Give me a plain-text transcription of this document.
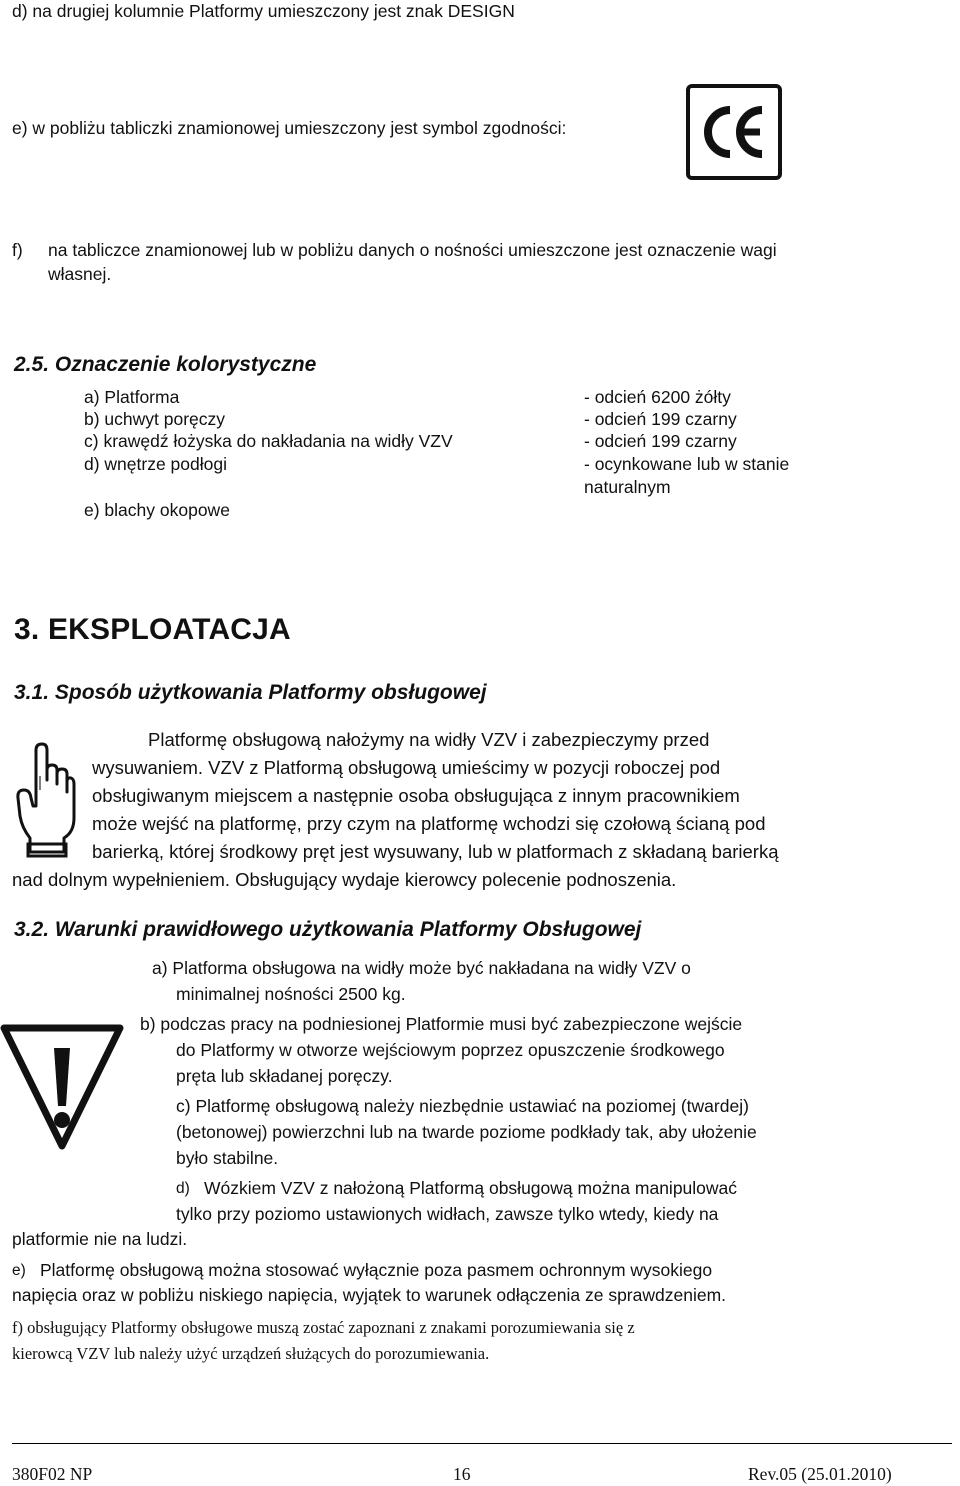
d) na drugiej kolumnie Platformy umieszczony jest znak DESIGN
e) w pobliżu tabliczki znamionowej umieszczony jest symbol zgodności:
f) na tabliczce znamionowej lub w pobliżu danych o nośności umieszczone jest oznaczenie wagi
własnej.
2.5. Oznaczenie kolorystyczne
a) Platforma	- odcień 6200 żółty
b) uchwyt poręczy	- odcień 199 czarny
c) krawędź łożyska do nakładania na widły VZV	- odcień 199 czarny
d) wnętrze podłogi	- ocynkowane lub w stanie
naturalnym
e) blachy okopowe
3. EKSPLOATACJA
3.1. Sposób użytkowania Platformy obsługowej
Platformę obsługową nałożymy na widły VZV i zabezpieczymy przed
wysuwaniem. VZV z Platformą obsługową umieścimy w pozycji roboczej pod
obsługiwanym miejscem a następnie osoba obsługująca z innym pracownikiem
może wejść na platformę, przy czym na platformę wchodzi się czołową ścianą pod
barierką, której środkowy pręt jest wysuwany, lub w platformach z składaną barierką
nad dolnym wypełnieniem. Obsługujący wydaje kierowcy polecenie podnoszenia.
3.2. Warunki prawidłowego użytkowania Platformy Obsługowej
a) Platforma obsługowa na widły może być nakładana na widły VZV o
minimalnej nośności 2500 kg.
b) podczas pracy na podniesionej Platformie musi być zabezpieczone wejście
do Platformy w otworze wejściowym poprzez opuszczenie środkowego
pręta lub składanej poręczy.
c) Platformę obsługową należy niezbędnie ustawiać na poziomej (twardej)
(betonowej) powierzchni lub na twarde poziome podkłady tak, aby ułożenie
było stabilne.
d) Wózkiem VZV z nałożoną Platformą obsługową można manipulować
tylko przy poziomo ustawionych widłach, zawsze tylko wtedy, kiedy na
platformie nie na ludzi.
e) Platformę obsługową można stosować wyłącznie poza pasmem ochronnym wysokiego
napięcia oraz w pobliżu niskiego napięcia, wyjątek to warunek odłączenia ze sprawdzeniem.
f) obsługujący Platformy obsługowe muszą zostać zapoznani z znakami porozumiewania się z
kierowcą VZV lub należy użyć urządzeń służących do porozumiewania.
380F02 NP	16	Rev.05 (25.01.2010)
